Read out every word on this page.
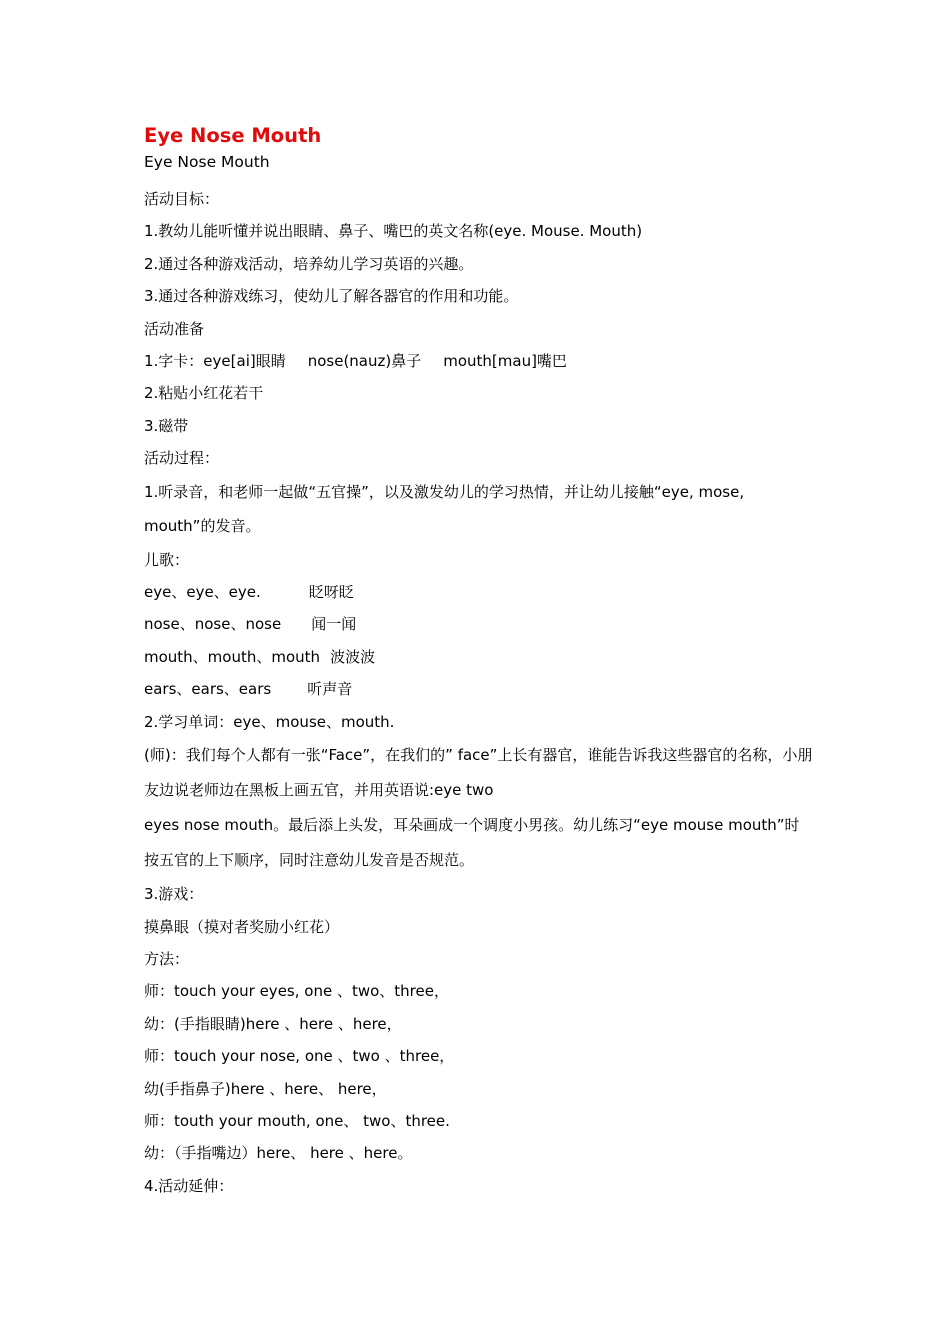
Eye Nose Mouth

Eye Nose Mouth

活动目标：

1.教幼儿能听懂并说出眼睛、鼻子、嘴巴的英文名称(eye. Mouse. Mouth)

2.通过各种游戏活动，培养幼儿学习英语的兴趣。

3.通过各种游戏练习，使幼儿了解各器官的作用和功能。

活动准备

1.字卡：eye[ai]眼睛 nose(nauz)鼻子 mouth[mau]嘴巴

2.粘贴小红花若干

3.磁带

活动过程：

1.听录音，和老师一起做“五官操”，以及激发幼儿的学习热情，并让幼儿接触“eye, mose, mouth”的发音。

儿歌：

eye、eye、eye.	眨呀眨

nose、nose、nose 闻一闻

mouth、mouth、mouth 波波波

ears、ears、ears 听声音

2.学习单词：eye、mouse、mouth.

(师)：我们每个人都有一张“Face”，在我们的” face”上长有器官，谁能告诉我这些器官的名称，小朋友边说老师边在黑板上画五官，并用英语说:eye two

eyes nose mouth。最后添上头发，耳朵画成一个调度小男孩。幼儿练习“eye mouse mouth”时按五官的上下顺序，同时注意幼儿发音是否规范。

3.游戏：

摸鼻眼（摸对者奖励小红花）

方法：

师：touch your eyes, one 、two、three，

幼：(手指眼睛)here 、here 、here，

师：touch your nose, one 、two 、three，

幼(手指鼻子)here 、here、 here，

师：touth your mouth, one、 two、three.

幼：（手指嘴边）here、 here 、here。

4.活动延伸：
